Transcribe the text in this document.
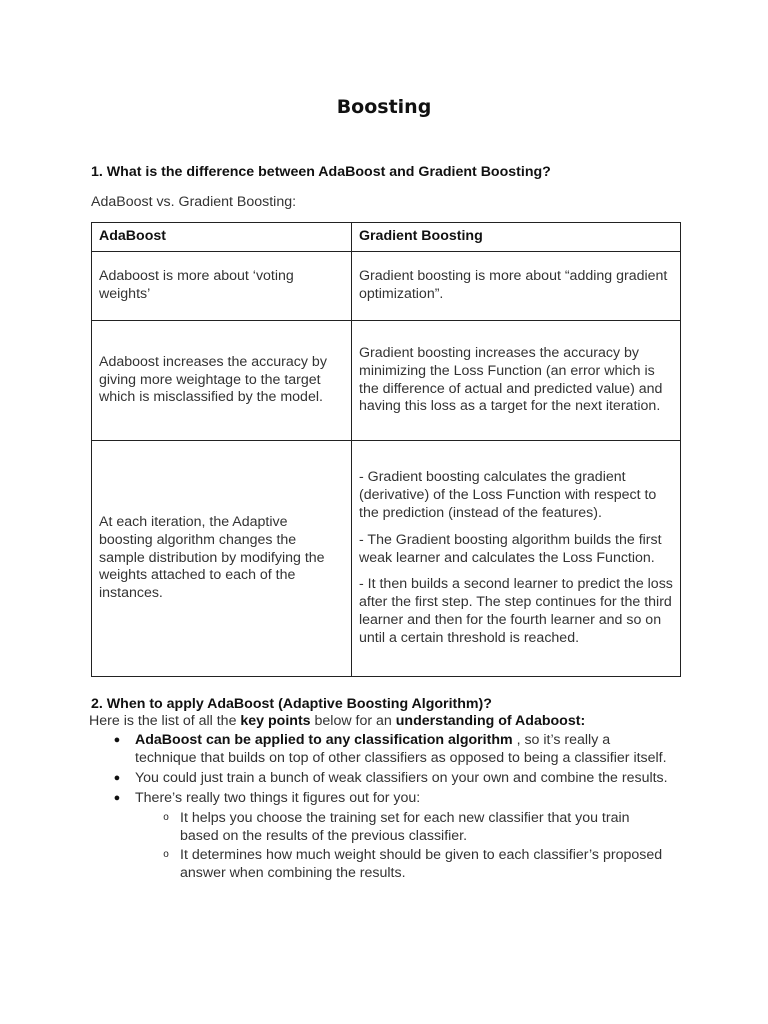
Boosting
1. What is the difference between AdaBoost and Gradient Boosting?
AdaBoost vs. Gradient Boosting:
AdaBoost	Gradient Boosting
Adaboost is more about ‘voting weights’	Gradient boosting is more about “adding gradient optimization”.

Adaboost increases the accuracy by giving more weightage to the target which is misclassified by the model.	Gradient boosting increases the accuracy by minimizing the Loss Function (an error which is the difference of actual and predicted value) and having this loss as a target for the next iteration.

At each iteration, the Adaptive boosting algorithm changes the sample distribution by modifying the weights attached to each of the instances.	- Gradient boosting calculates the gradient (derivative) of the Loss Function with respect to the prediction (instead of the features).
- The Gradient boosting algorithm builds the first weak learner and calculates the Loss Function.
- It then builds a second learner to predict the loss after the first step. The step continues for the third learner and then for the fourth learner and so on until a certain threshold is reached.
2. When to apply AdaBoost (Adaptive Boosting Algorithm)?
Here is the list of all the key points below for an understanding of Adaboost:
● AdaBoost can be applied to any classification algorithm , so it’s really a technique that builds on top of other classifiers as opposed to being a classifier itself.
● You could just train a bunch of weak classifiers on your own and combine the results.
● There’s really two things it figures out for you:
o It helps you choose the training set for each new classifier that you train based on the results of the previous classifier.
o It determines how much weight should be given to each classifier’s proposed answer when combining the results.
